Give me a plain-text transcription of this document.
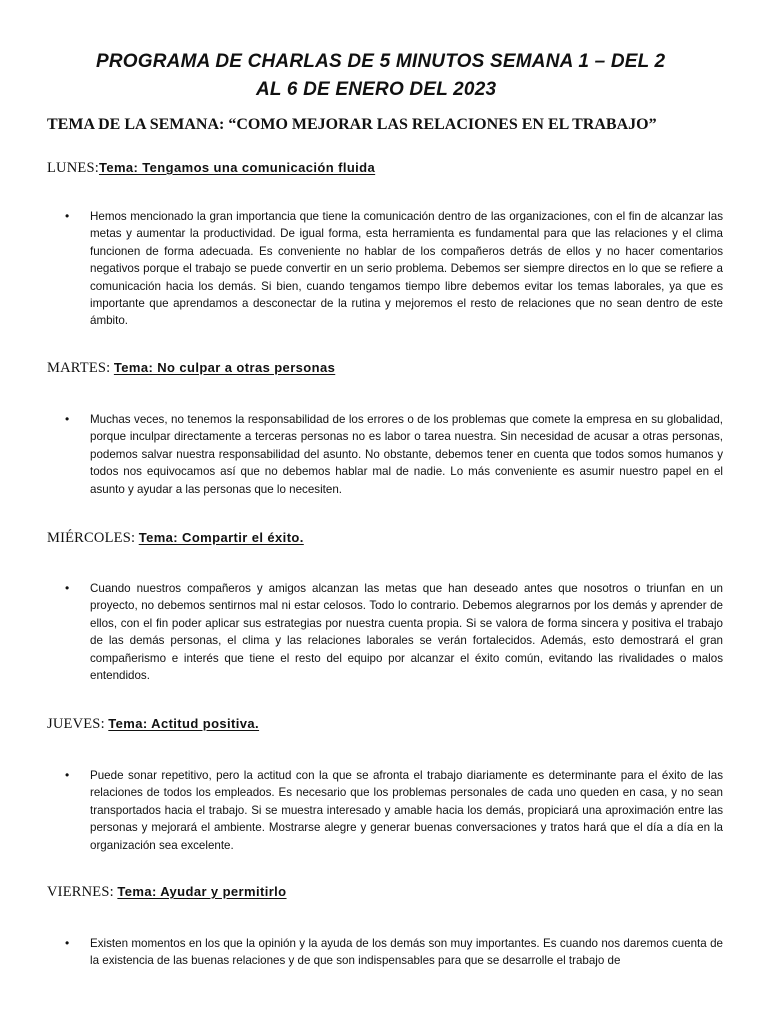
PROGRAMA DE CHARLAS DE 5 MINUTOS SEMANA 1 – DEL 2
AL 6 DE ENERO DEL 2023
TEMA DE LA SEMANA: “COMO MEJORAR LAS RELACIONES EN EL TRABAJO”
LUNES:Tema: Tengamos una comunicación fluida
• Hemos mencionado la gran importancia que tiene la comunicación dentro de las organizaciones, con el fin de alcanzar las metas y aumentar la productividad. De igual forma, esta herramienta es fundamental para que las relaciones y el clima funcionen de forma adecuada. Es conveniente no hablar de los compañeros detrás de ellos y no hacer comentarios negativos porque el trabajo se puede convertir en un serio problema. Debemos ser siempre directos en lo que se refiere a comunicación hacia los demás. Si bien, cuando tengamos tiempo libre debemos evitar los temas laborales, ya que es importante que aprendamos a desconectar de la rutina y mejoremos el resto de relaciones que no sean dentro de este ámbito.
MARTES: Tema: No culpar a otras personas
• Muchas veces, no tenemos la responsabilidad de los errores o de los problemas que comete la empresa en su globalidad, porque inculpar directamente a terceras personas no es labor o tarea nuestra. Sin necesidad de acusar a otras personas, podemos salvar nuestra responsabilidad del asunto. No obstante, debemos tener en cuenta que todos somos humanos y todos nos equivocamos así que no debemos hablar mal de nadie. Lo más conveniente es asumir nuestro papel en el asunto y ayudar a las personas que lo necesiten.
MIÉRCOLES: Tema: Compartir el éxito.
• Cuando nuestros compañeros y amigos alcanzan las metas que han deseado antes que nosotros o triunfan en un proyecto, no debemos sentirnos mal ni estar celosos. Todo lo contrario. Debemos alegrarnos por los demás y aprender de ellos, con el fin poder aplicar sus estrategias por nuestra cuenta propia. Si se valora de forma sincera y positiva el trabajo de las demás personas, el clima y las relaciones laborales se verán fortalecidos. Además, esto demostrará el gran compañerismo e interés que tiene el resto del equipo por alcanzar el éxito común, evitando las rivalidades o malos entendidos.
JUEVES: Tema: Actitud positiva.
• Puede sonar repetitivo, pero la actitud con la que se afronta el trabajo diariamente es determinante para el éxito de las relaciones de todos los empleados. Es necesario que los problemas personales de cada uno queden en casa, y no sean transportados hacia el trabajo. Si se muestra interesado y amable hacia los demás, propiciará una aproximación entre las personas y mejorará el ambiente. Mostrarse alegre y generar buenas conversaciones y tratos hará que el día a día en la organización sea excelente.
VIERNES: Tema: Ayudar y permitirlo
• Existen momentos en los que la opinión y la ayuda de los demás son muy importantes. Es cuando nos daremos cuenta de la existencia de las buenas relaciones y de que son indispensables para que se desarrolle el trabajo de
